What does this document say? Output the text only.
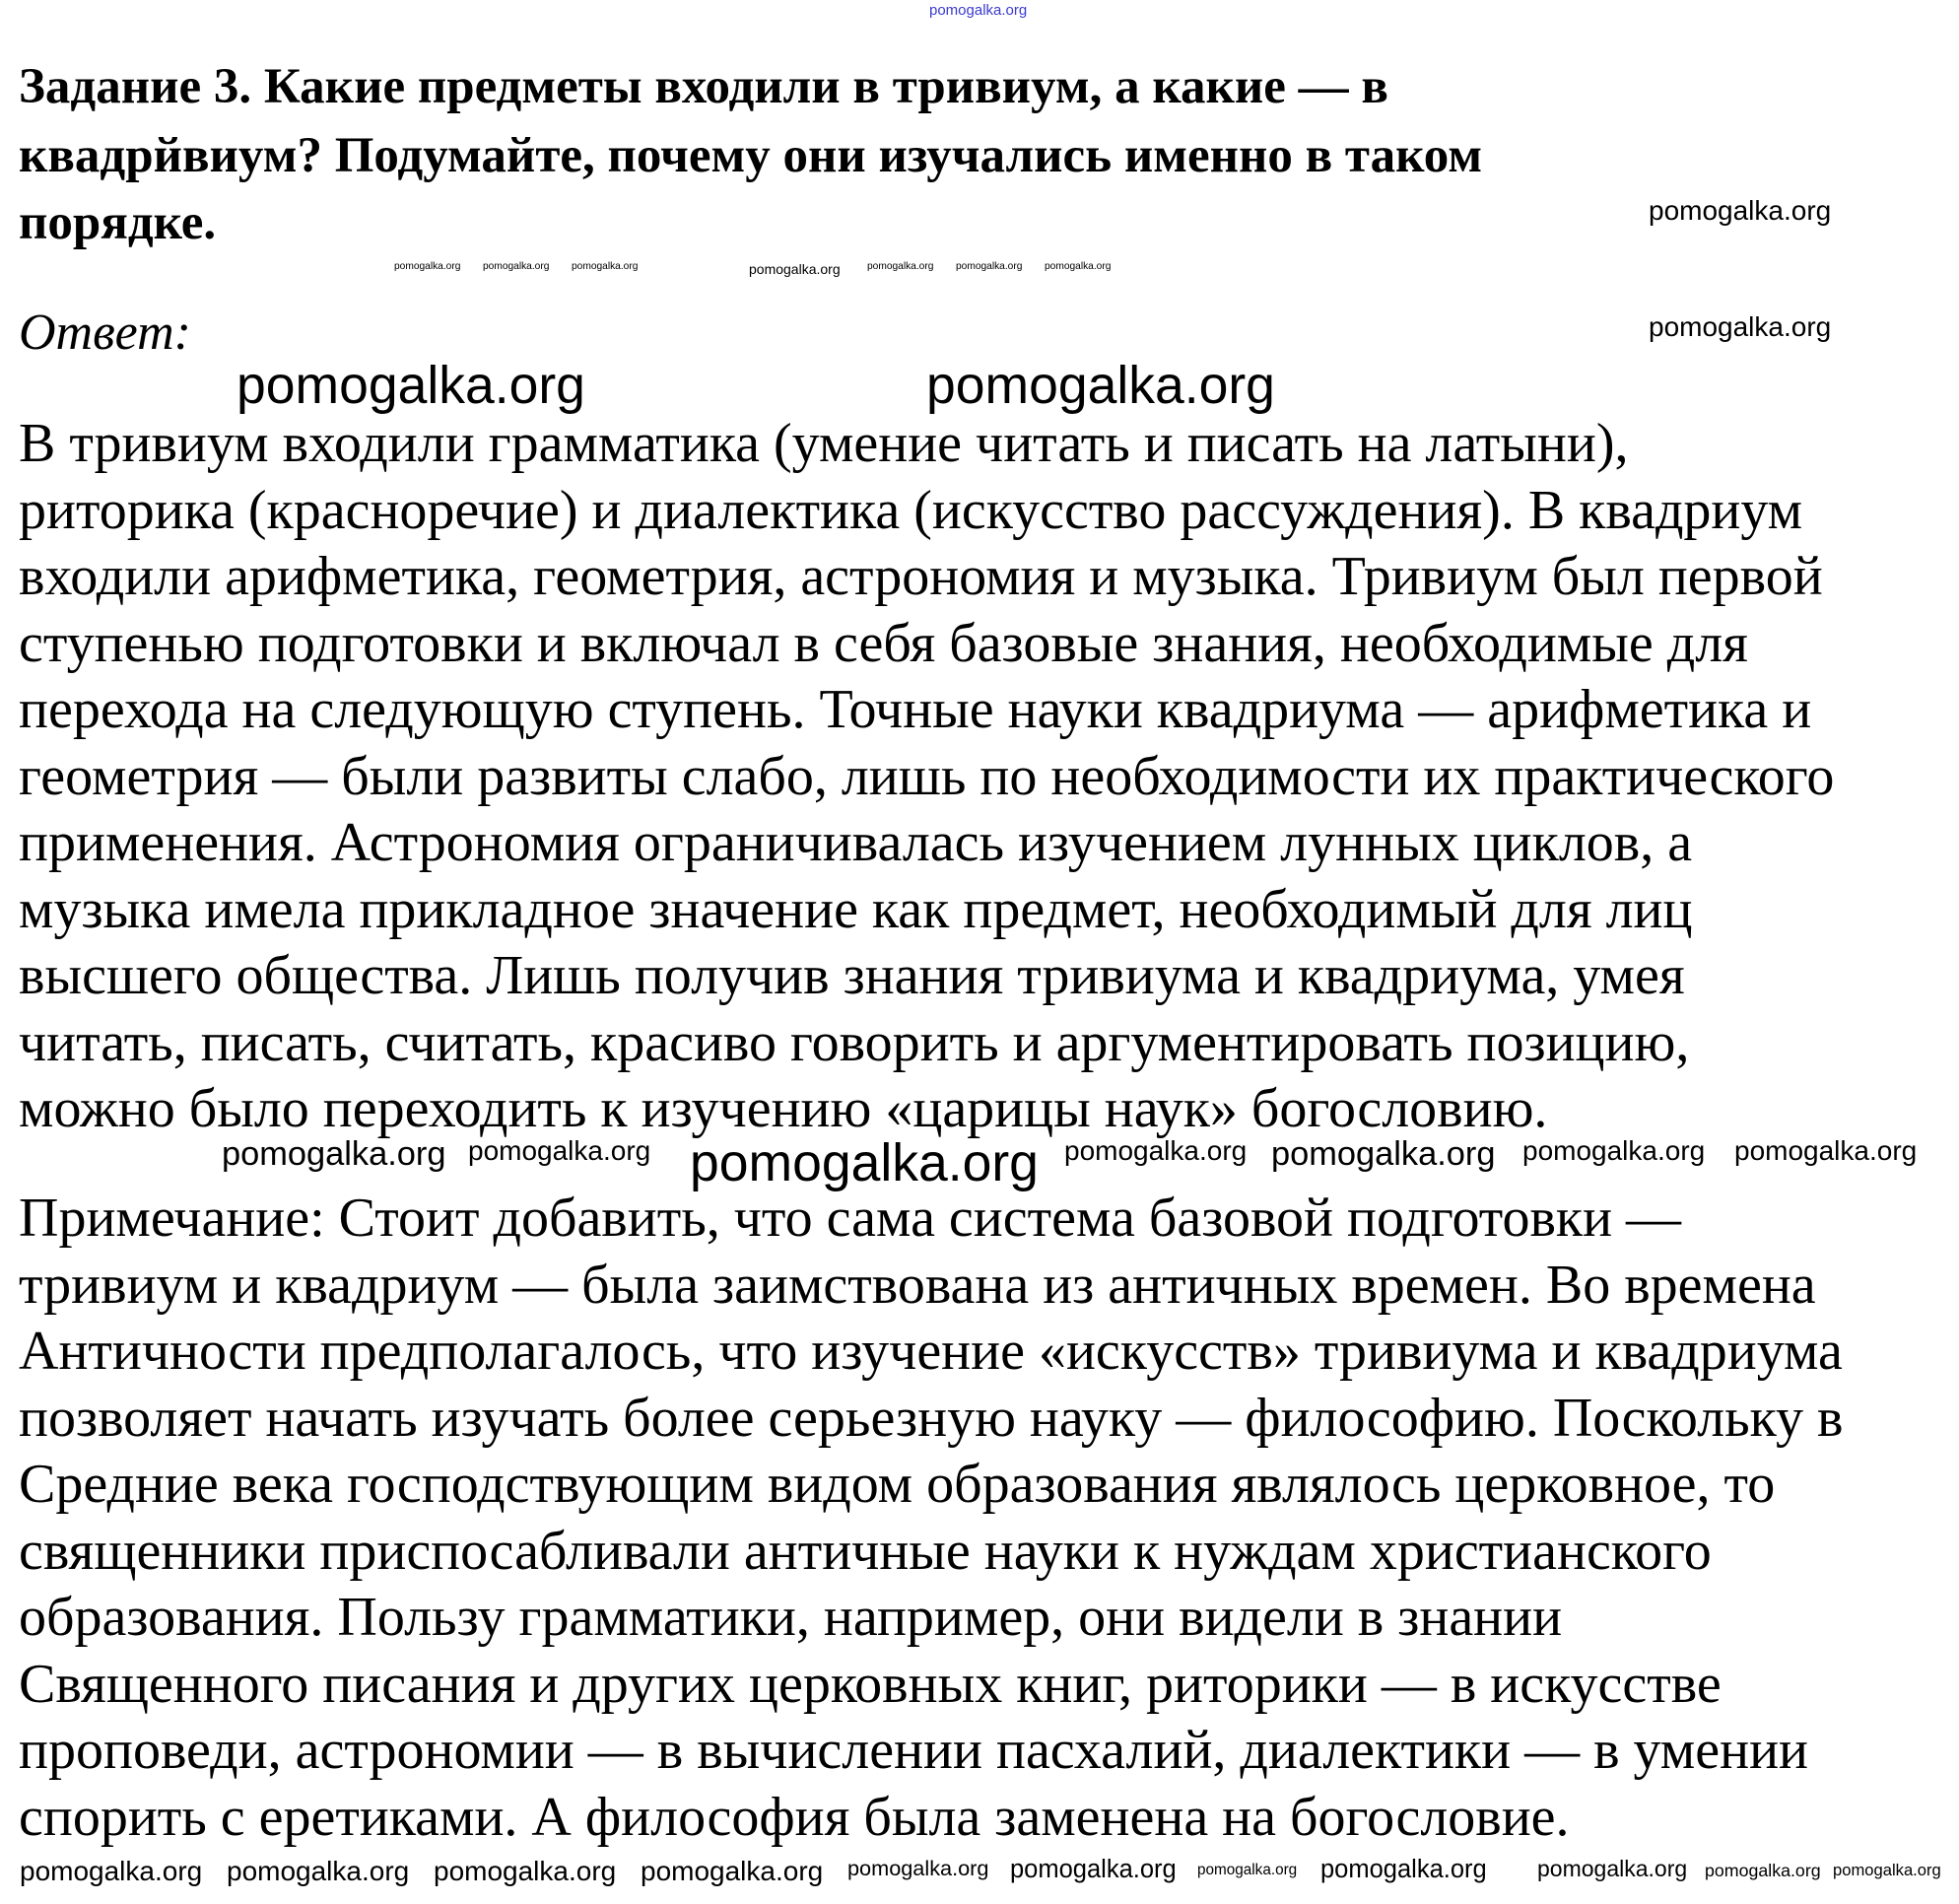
pomogalka.org
Задание 3. Какие предметы входили в тривиум, а какие — в
квадрйвиум? Подумайте, почему они изучались именно в таком
порядке.
Ответ:
В тривиум входили грамматика (умение читать и писать на латыни),
риторика (красноречие) и диалектика (искусство рассуждения). В квадриум
входили арифметика, геометрия, астрономия и музыка. Тривиум был первой
ступенью подготовки и включал в себя базовые знания, необходимые для
перехода на следующую ступень. Точные науки квадриума — арифметика и
геометрия — были развиты слабо, лишь по необходимости их практического
применения. Астрономия ограничивалась изучением лунных циклов, а
музыка имела прикладное значение как предмет, необходимый для лиц
высшего общества. Лишь получив знания тривиума и квадриума, умея
читать, писать, считать, красиво говорить и аргументировать позицию,
можно было переходить к изучению «царицы наук» богословию.
Примечание: Стоит добавить, что сама система базовой подготовки —
тривиум и квадриум — была заимствована из античных времен. Во времена
Античности предполагалось, что изучение «искусств» тривиума и квадриума
позволяет начать изучать более серьезную науку — философию. Поскольку в
Средние века господствующим видом образования являлось церковное, то
священники приспосабливали античные науки к нуждам христианского
образования. Пользу грамматики, например, они видели в знании
Священного писания и других церковных книг, риторики — в искусстве
проповеди, астрономии — в вычислении пасхалий, диалектики — в умении
спорить с еретиками. А философия была заменена на богословие.
pomogalka.org
pomogalka.org
pomogalka.org	pomogalka.org
pomogalka.org pomogalka.org
pomogalka.org	pomogalka.org
pomogalka.org pomogalka.org
pomogalka.org
pomogalka.org	pomogalka.org
pomogalka.org
pomogalka.org
pomogalka.org pomogalka.org
pomogalka.org pomogalka.org
pomogalka.org
pomogalka.org
pomogalka.org pomogalka.org pomogalka.org
pomogalka.org
pomogalka.org	pomogalka.org pomogalka.org
pomogalka.org
